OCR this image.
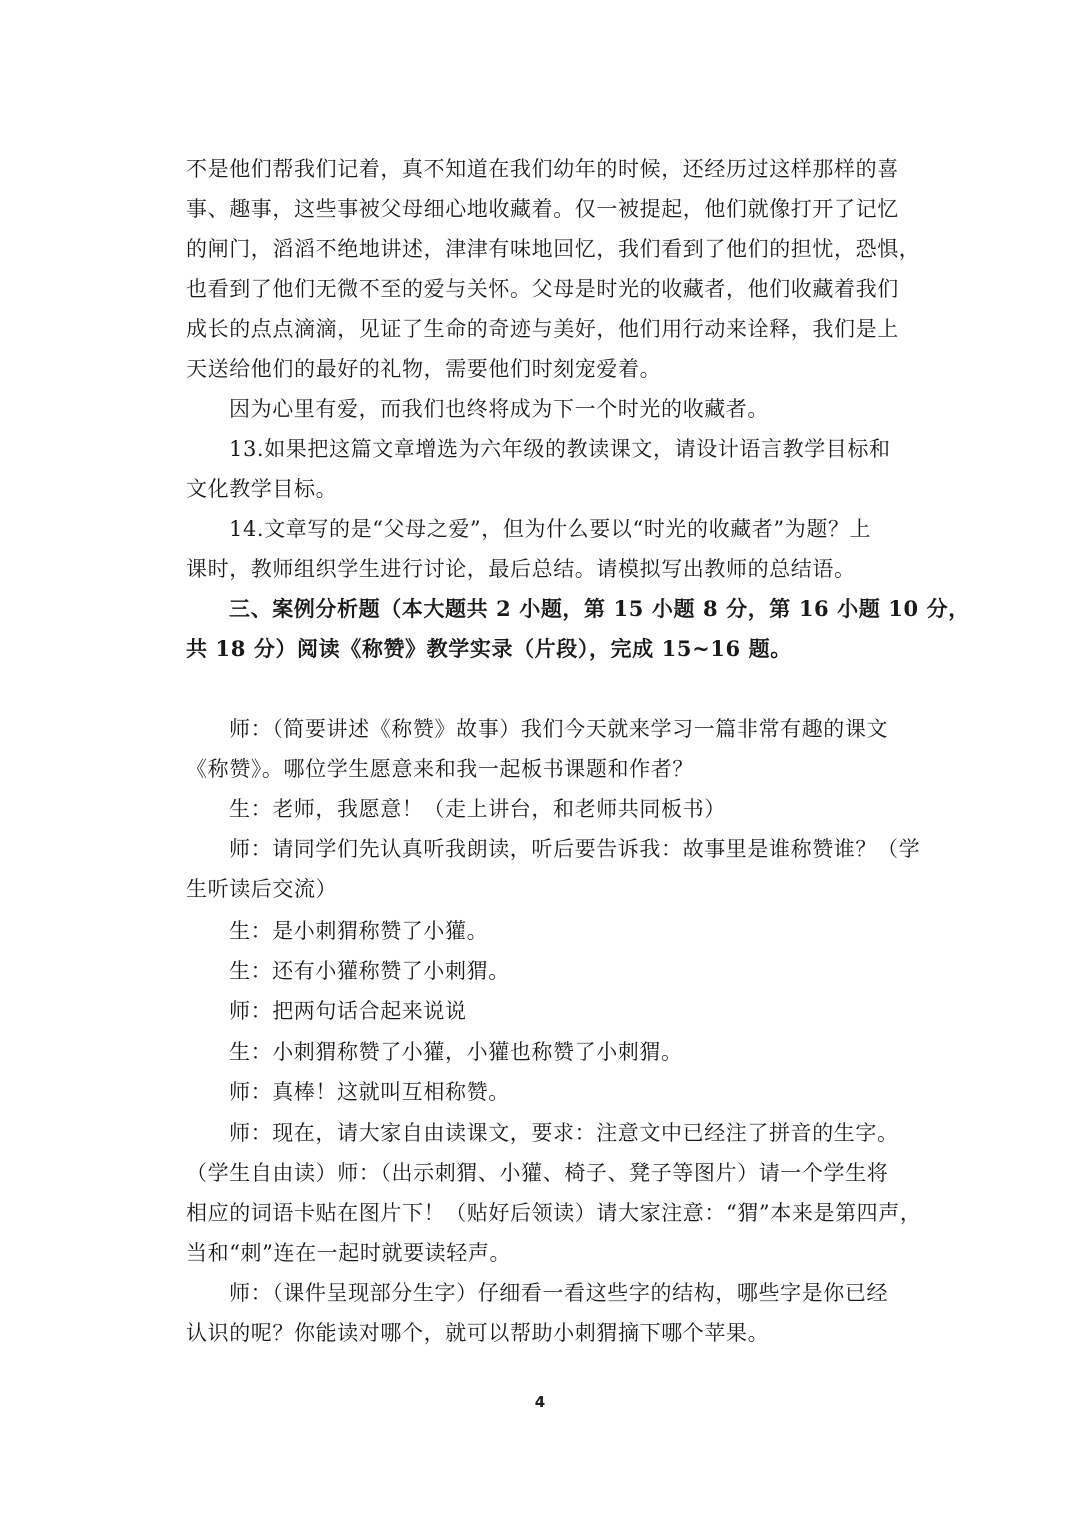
不是他们帮我们记着，真不知道在我们幼年的时候，还经历过这样那样的喜
事、趣事，这些事被父母细心地收藏着。仅一被提起，他们就像打开了记忆
的闸门，滔滔不绝地讲述，津津有味地回忆，我们看到了他们的担忧，恐惧，
也看到了他们无微不至的爱与关怀。父母是时光的收藏者，他们收藏着我们
成长的点点滴滴，见证了生命的奇迹与美好，他们用行动来诠释，我们是上
天送给他们的最好的礼物，需要他们时刻宠爱着。
因为心里有爱，而我们也终将成为下一个时光的收藏者。
13.如果把这篇文章增选为六年级的教读课文，请设计语言教学目标和
文化教学目标。
14.文章写的是“父母之爱”，但为什么要以“时光的收藏者”为题？上
课时，教师组织学生进行讨论，最后总结。请模拟写出教师的总结语。
三、案例分析题（本大题共 2 小题，第 15 小题 8 分，第 16 小题 10 分，
共 18 分）阅读《称赞》教学实录（片段），完成 15~16 题。
师：（简要讲述《称赞》故事）我们今天就来学习一篇非常有趣的课文
《称赞》。哪位学生愿意来和我一起板书课题和作者？
生：老师，我愿意！（走上讲台，和老师共同板书）
师：请同学们先认真听我朗读，听后要告诉我：故事里是谁称赞谁？（学
生听读后交流）
生：是小刺猬称赞了小獾。
生：还有小獾称赞了小刺猬。
师：把两句话合起来说说
生：小刺猬称赞了小獾，小獾也称赞了小刺猬。
师：真棒！这就叫互相称赞。
师：现在，请大家自由读课文，要求：注意文中已经注了拼音的生字。
（学生自由读）师：（出示刺猬、小獾、椅子、凳子等图片）请一个学生将
相应的词语卡贴在图片下！（贴好后领读）请大家注意：“猬”本来是第四声，
当和“刺”连在一起时就要读轻声。
师：（课件呈现部分生字）仔细看一看这些字的结构，哪些字是你已经
认识的呢？你能读对哪个，就可以帮助小刺猬摘下哪个苹果。
4
